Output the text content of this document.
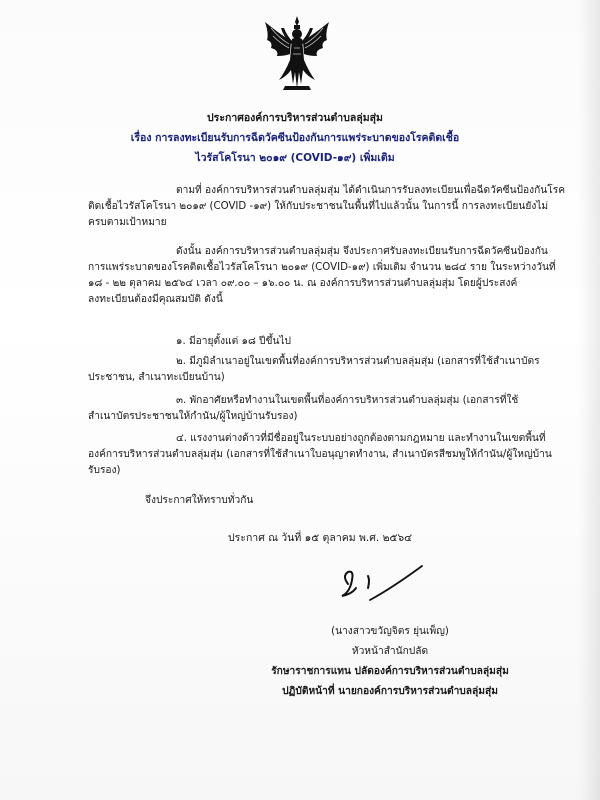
ประกาศองค์การบริหารส่วนตำบลลุ่มสุ่ม
เรื่อง การลงทะเบียนรับการฉีดวัคซีนป้องกันการแพร่ระบาดของโรคติดเชื้อ
ไวรัสโคโรนา ๒๐๑๙ (COVID-๑๙) เพิ่มเติม
ตามที่ องค์การบริหารส่วนตำบลลุ่มสุ่ม ได้ดำเนินการรับลงทะเบียนเพื่อฉีดวัคซีนป้องกันโรค
ติดเชื้อไวรัสโคโรนา ๒๐๑๙ (COVID -๑๙) ให้กับประชาชนในพื้นที่ไปแล้วนั้น ในการนี้ การลงทะเบียนยังไม่
ครบตามเป้าหมาย
ดังนั้น องค์การบริหารส่วนตำบลลุ่มสุ่ม จึงประกาศรับลงทะเบียนรับการฉีดวัคซีนป้องกัน
การแพร่ระบาดของโรคติดเชื้อไวรัสโคโรนา ๒๐๑๙ (COVID-๑๙) เพิ่มเติม จำนวน ๒๘๔ ราย ในระหว่างวันที่
๑๘ - ๒๒ ตุลาคม ๒๕๖๔ เวลา ๐๙.๐๐ – ๑๖.๐๐ น. ณ องค์การบริหารส่วนตำบลลุ่มสุ่ม โดยผู้ประสงค์
ลงทะเบียนต้องมีคุณสมบัติ ดังนี้
๑. มีอายุตั้งแต่ ๑๘ ปีขึ้นไป
๒. มีภูมิลำเนาอยู่ในเขตพื้นที่องค์การบริหารส่วนตำบลลุ่มสุ่ม (เอกสารที่ใช้สำเนาบัตร
ประชาชน, สำเนาทะเบียนบ้าน)
๓. พักอาศัยหรือทำงานในเขตพื้นที่องค์การบริหารส่วนตำบลลุ่มสุ่ม (เอกสารที่ใช้
สำเนาบัตรประชาชนให้กำนัน/ผู้ใหญ่บ้านรับรอง)
๔. แรงงานต่างด้าวที่มีชื่ออยู่ในระบบอย่างถูกต้องตามกฎหมาย และทำงานในเขตพื้นที่
องค์การบริหารส่วนตำบลลุ่มสุ่ม (เอกสารที่ใช้สำเนาใบอนุญาตทำงาน, สำเนาบัตรสีชมพูให้กำนัน/ผู้ใหญ่บ้าน
รับรอง)
จึงประกาศให้ทราบทั่วกัน
ประกาศ ณ วันที่ ๑๕ ตุลาคม พ.ศ. ๒๕๖๔
(นางสาวขวัญจิตร ยุ่นเพ็ญ)
หัวหน้าสำนักปลัด
รักษาราชการแทน ปลัดองค์การบริหารส่วนตำบลลุ่มสุ่ม
ปฏิบัติหน้าที่ นายกองค์การบริหารส่วนตำบลลุ่มสุ่ม
